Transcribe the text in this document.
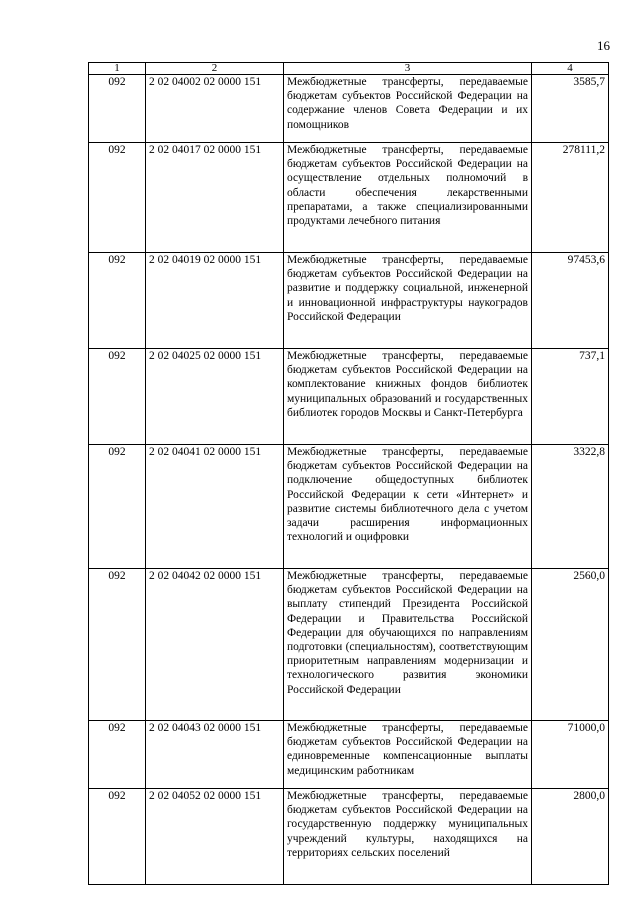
16
1	2	3	4
092	2 02 04002 02 0000 151	Межбюджетные трансферты, передаваемые бюджетам субъектов Российской Федерации на содержание членов Совета Федерации и их помощников	3585,7
092	2 02 04017 02 0000 151	Межбюджетные трансферты, передаваемые бюджетам субъектов Российской Федерации на осуществление отдельных полномочий в области обеспечения лекарственными препаратами, а также специализированными продуктами лечебного питания	278111,2
092	2 02 04019 02 0000 151	Межбюджетные трансферты, передаваемые бюджетам субъектов Российской Федерации на развитие и поддержку социальной, инженерной и инновационной инфраструктуры наукоградов Российской Федерации	97453,6
092	2 02 04025 02 0000 151	Межбюджетные трансферты, передаваемые бюджетам субъектов Российской Федерации на комплектование книжных фондов библиотек муниципальных образований и государственных библиотек городов Москвы и Санкт-Петербурга	737,1
092	2 02 04041 02 0000 151	Межбюджетные трансферты, передаваемые бюджетам субъектов Российской Федерации на подключение общедоступных библиотек Российской Федерации к сети «Интернет» и развитие системы библиотечного дела с учетом задачи расширения информационных технологий и оцифровки	3322,8
092	2 02 04042 02 0000 151	Межбюджетные трансферты, передаваемые бюджетам субъектов Российской Федерации на выплату стипендий Президента Российской Федерации и Правительства Российской Федерации для обучающихся по направлениям подготовки (специальностям), соответствующим приоритетным направлениям модернизации и технологического развития экономики Российской Федерации	2560,0
092	2 02 04043 02 0000 151	Межбюджетные трансферты, передаваемые бюджетам субъектов Российской Федерации на единовременные компенсационные выплаты медицинским работникам	71000,0
092	2 02 04052 02 0000 151	Межбюджетные трансферты, передаваемые бюджетам субъектов Российской Федерации на государственную поддержку муниципальных учреждений культуры, находящихся на территориях сельских поселений	2800,0
